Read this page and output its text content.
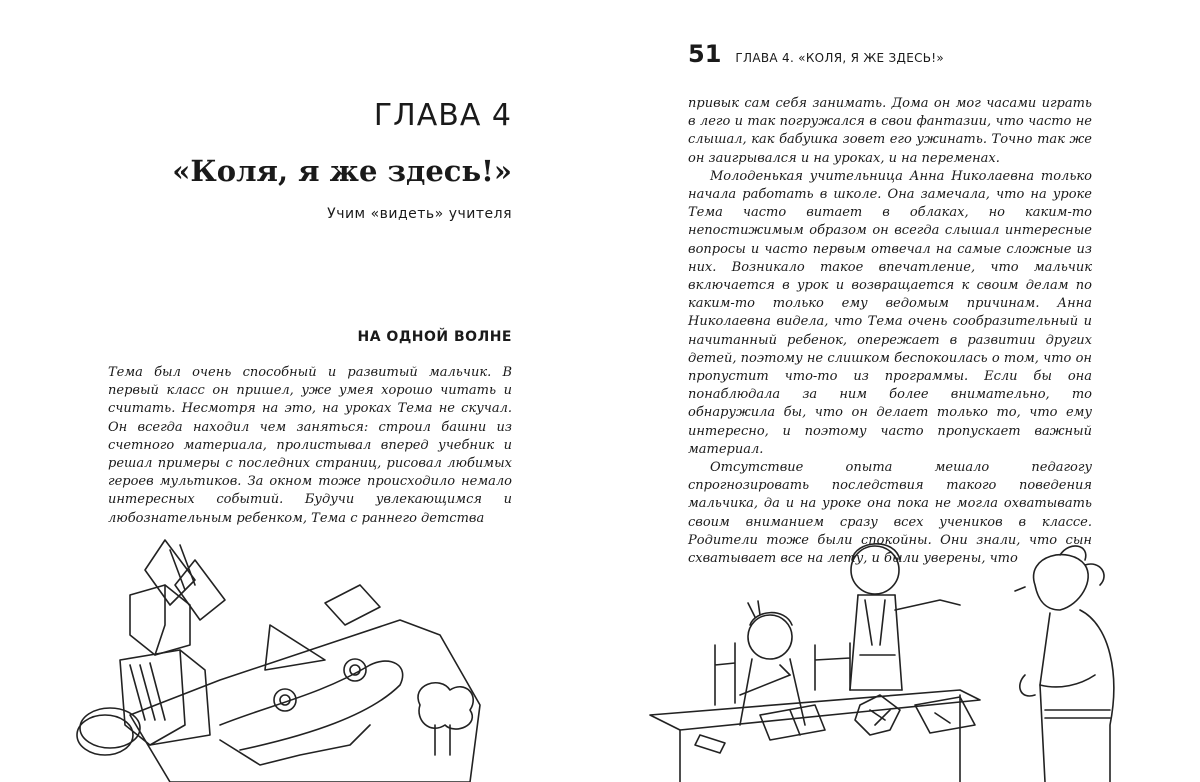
ГЛАВА 4
«Коля, я же здесь!»
Учим «видеть» учителя
НА ОДНОЙ ВОЛНЕ

Тема был очень способный и развитый мальчик. В первый класс он пришел, уже умея хорошо читать и считать. Несмотря на это, на уроках Тема не скучал. Он всегда находил чем заняться: строил башни из счетного материала, пролистывал вперед учебник и решал примеры с последних страниц, рисовал любимых героев мультиков. За окном тоже происходило немало интересных событий. Будучи увлекающимся и любознательным ребенком, Тема с раннего детства

51 ГЛАВА 4. «КОЛЯ, Я ЖЕ ЗДЕСЬ!»

привык сам себя занимать. Дома он мог часами играть в лего и так погружался в свои фантазии, что часто не слышал, как бабушка зовет его ужинать. Точно так же он заигрывался и на уроках, и на переменах.

Молоденькая учительница Анна Николаевна только начала работать в школе. Она замечала, что на уроке Тема часто витает в облаках, но каким-то непостижимым образом он всегда слышал интересные вопросы и часто первым отвечал на самые сложные из них. Возникало такое впечатление, что мальчик включается в урок и возвращается к своим делам по каким-то только ему ведомым причинам. Анна Николаевна видела, что Тема очень сообразительный и начитанный ребенок, опережает в развитии других детей, поэтому не слишком беспокоилась о том, что он пропустит что-то из программы. Если бы она понаблюдала за ним более внимательно, то обнаружила бы, что он делает только то, что ему интересно, и поэтому часто пропускает важный материал.

Отсутствие опыта мешало педагогу спрогнозировать последствия такого поведения мальчика, да и на уроке она пока не могла охватывать своим вниманием сразу всех учеников в классе. Родители тоже были спокойны. Они знали, что сын схватывает все на лету, и были уверены, что
